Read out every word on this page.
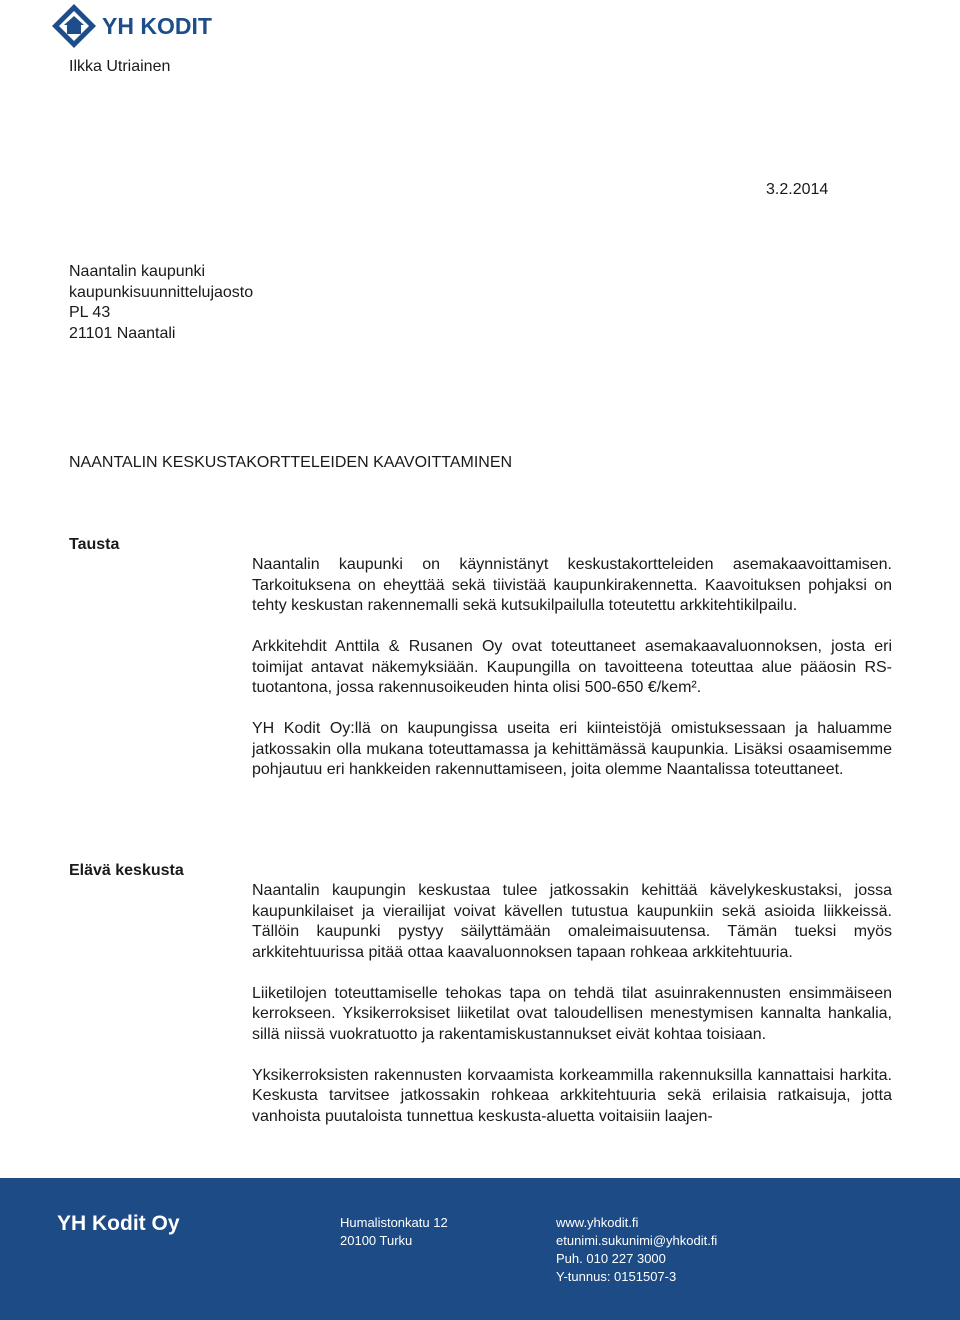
YH KODIT
Ilkka Utriainen
3.2.2014
Naantalin kaupunki
kaupunkisuunnittelujaosto
PL 43
21101 Naantali
NAANTALIN KESKUSTAKORTTELEIDEN KAAVOITTAMINEN
Tausta

Naantalin kaupunki on käynnistänyt keskustakortteleiden asemakaavoittamisen. Tarkoituksena on eheyttää sekä tiivistää kaupunkirakennetta. Kaavoituksen pohjaksi on tehty keskustan rakennemalli sekä kutsukilpailulla toteutettu arkkitehtikilpailu.

Arkkitehdit Anttila & Rusanen Oy ovat toteuttaneet asemakaavaluonnoksen, josta eri toimijat antavat näkemyksiään. Kaupungilla on tavoitteena toteuttaa alue pääosin RS-tuotantona, jossa rakennusoikeuden hinta olisi 500-650 €/kem².

YH Kodit Oy:llä on kaupungissa useita eri kiinteistöjä omistuksessaan ja haluamme jatkossakin olla mukana toteuttamassa ja kehittämässä kaupunkia. Lisäksi osaamisemme pohjautuu eri hankkeiden rakennuttamiseen, joita olemme Naantalissa toteuttaneet.

Elävä keskusta

Naantalin kaupungin keskustaa tulee jatkossakin kehittää kävelykeskustaksi, jossa kaupunkilaiset ja vierailijat voivat kävellen tutustua kaupunkiin sekä asioida liikkeissä. Tällöin kaupunki pystyy säilyttämään omaleimaisuutensa. Tämän tueksi myös arkkitehtuurissa pitää ottaa kaavaluonnoksen tapaan rohkeaa arkkitehtuuria.

Liiketilojen toteuttamiselle tehokas tapa on tehdä tilat asuinrakennusten ensimmäiseen kerrokseen. Yksikerroksiset liiketilat ovat taloudellisen menestymisen kannalta hankalia, sillä niissä vuokratuotto ja rakentamiskustannukset eivät kohtaa toisiaan.

Yksikerroksisten rakennusten korvaamista korkeammilla rakennuksilla kannattaisi harkita. Keskusta tarvitsee jatkossakin rohkeaa arkkitehtuuria sekä erilaisia ratkaisuja, jotta vanhoista puutaloista tunnettua keskusta-aluetta voitaisiin laajen-

YH Kodit Oy	Humalistonkatu 12
20100 Turku
www.yhkodit.fi
etunimi.sukunimi@yhkodit.fi
Puh. 010 227 3000
Y-tunnus: 0151507-3
